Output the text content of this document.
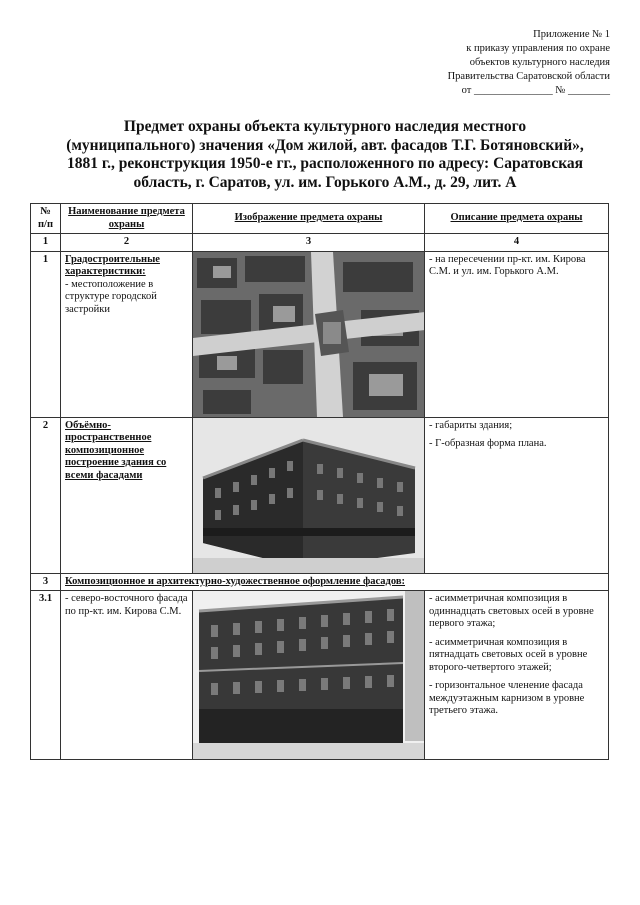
Приложение № 1
к приказу управления по охране
объектов культурного наследия
Правительства Саратовской области
от _______________ № ________
Предмет охраны объекта культурного наследия местного (муниципального) значения «Дом жилой, авт. фасадов Т.Г. Ботяновский», 1881 г., реконструкция 1950-е гг., расположенного по адресу: Саратовская область, г. Саратов, ул. им. Горького А.М., д. 29, лит. А
№ п/п	Наименование предмета охраны	Изображение предмета охраны	Описание предмета охраны
1	2	3	4
1	Градостроительные характеристики:
- местоположение в структуре городской застройки		- на пересечении пр-кт. им. Кирова С.М. и ул. им. Горького А.М.

2	Объёмно-пространственное композиционное построение здания со всеми фасадами		- габариты здания;

- Г-образная форма плана.

3	Композиционное и архитектурно-художественное оформление фасадов:		
3.1	- северо-восточного фасада по пр-кт. им. Кирова С.М.		- асимметричная композиция в одиннадцать световых осей в уровне первого этажа;

- асимметричная композиция в пятнадцать световых осей в уровне второго-четвертого этажей;

- горизонтальное членение фасада междуэтажным карнизом в уровне третьего этажа.
